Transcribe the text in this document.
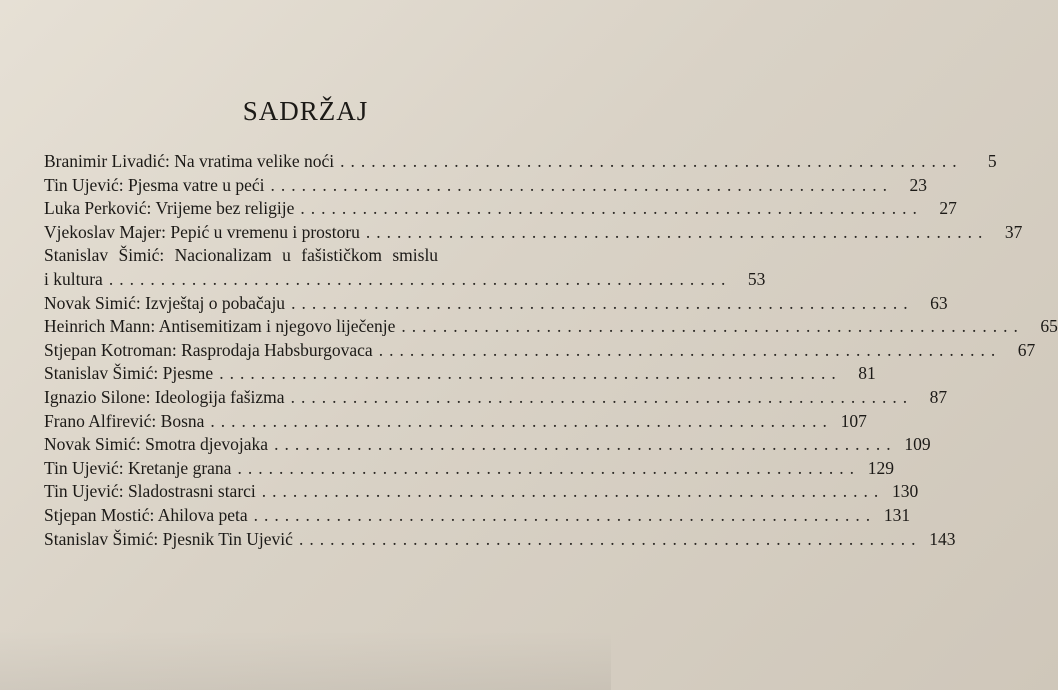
SADRŽAJ
Branimir Livadić: Na vratima velike noći ............................................................	5
Tin Ujević: Pjesma vatre u peći ............................................................ 23
Luka Perković: Vrijeme bez religije ............................................................ 27
Vjekoslav Majer: Pepić u vremenu i prostoru ............................................................ 37
Stanislav Šimić: Nacionalizam u fašističkom smislu
i kultura ............................................................ 53
Novak Simić: Izvještaj o pobačaju ............................................................ 63
Heinrich Mann: Antisemitizam i njegovo liječenje ............................................................ 65
Stjepan Kotroman: Rasprodaja Habsburgovaca ............................................................ 67
Stanislav Šimić: Pjesme ............................................................ 81
Ignazio Silone: Ideologija fašizma ............................................................ 87
Frano Alfirević: Bosna ............................................................ 107
Novak Simić: Smotra djevojaka ............................................................ 109
Tin Ujević: Kretanje grana ............................................................ 129
Tin Ujević: Sladostrasni starci ............................................................ 130
Stjepan Mostić: Ahilova peta ............................................................ 131
Stanislav Šimić: Pjesnik Tin Ujević ............................................................ 143
